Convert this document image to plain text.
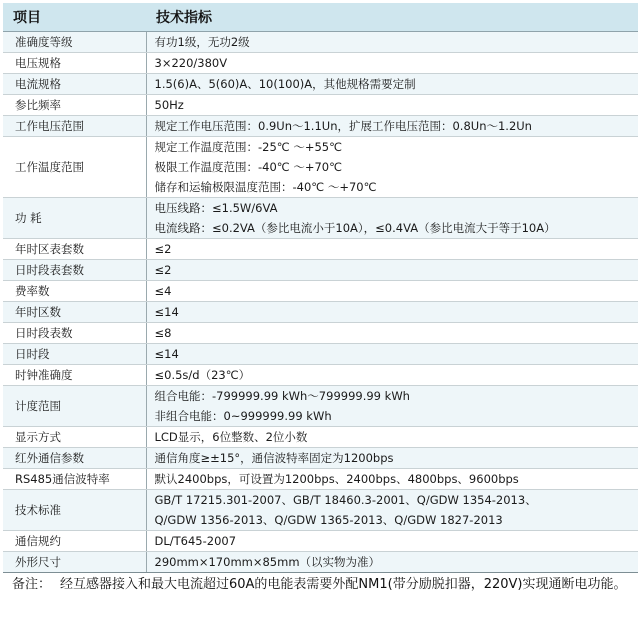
项目	技术指标
准确度等级	有功1级，无功2级

电压规格	3×220/380V

电流规格	1.5(6)A、5(60)A、10(100)A，其他规格需要定制

参比频率	50Hz

工作电压范围	规定工作电压范围：0.9Un～1.1Un，扩展工作电压范围：0.8Un～1.2Un

工作温度范围	规定工作温度范围：-25℃ ～+55℃
极限工作温度范围：-40℃ ～+70℃
储存和运输极限温度范围：-40℃ ～+70℃

功 耗	电压线路：≤1.5W/6VA
电流线路：≤0.2VA（参比电流小于10A），≤0.4VA（参比电流大于等于10A）

年时区表套数	≤2

日时段表套数	≤2

费率数	≤4

年时区数	≤14

日时段表数	≤8

日时段	≤14

时钟准确度	≤0.5s/d（23℃）

计度范围	组合电能：-799999.99 kWh～799999.99 kWh
非组合电能：0~999999.99 kWh

显示方式	LCD显示，6位整数、2位小数

红外通信参数	通信角度≥±15°，通信波特率固定为1200bps

RS485通信波特率	默认2400bps，可设置为1200bps、2400bps、4800bps、9600bps

技术标准	GB/T 17215.301-2007、GB/T 18460.3-2001、Q/GDW 1354-2013、
Q/GDW 1356-2013、Q/GDW 1365-2013、Q/GDW 1827-2013

通信规约	DL/T645-2007

外形尺寸	290mm×170mm×85mm（以实物为准）
备注： 经互感器接入和最大电流超过60A的电能表需要外配NM1(带分励脱扣器，220V)实现通断电功能。
